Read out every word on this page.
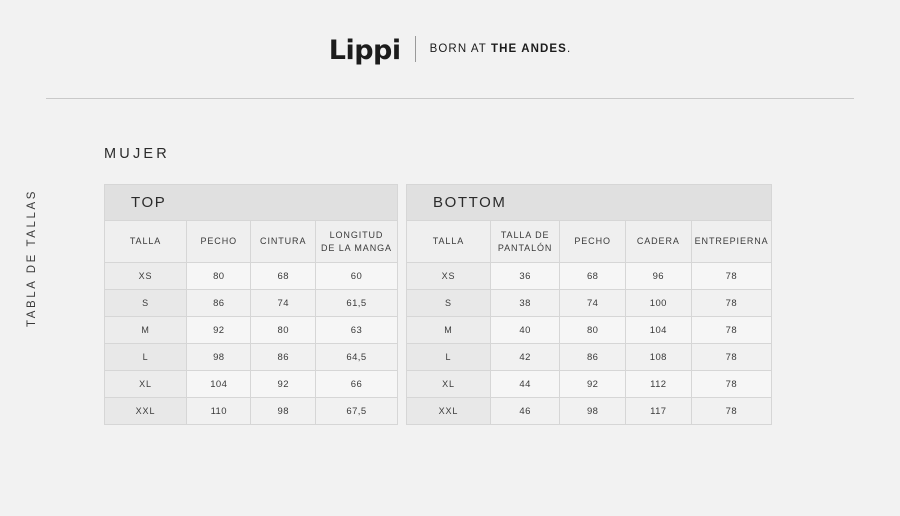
Lippi	BORN AT THE ANDES.
TABLA DE TALLAS
MUJER
TOP
TALLA	PECHO	CINTURA	LONGITUD
DE LA MANGA
XS	80	68	60
S	86	74	61,5
M	92	80	63
L	98	86	64,5
XL	104	92	66
XXL	110	98	67,5
BOTTOM
TALLA	TALLA DE
PANTALÓN	PECHO	CADERA	ENTREPIERNA
XS	36	68	96	78
S	38	74	100	78
M	40	80	104	78
L	42	86	108	78
XL	44	92	112	78
XXL	46	98	117	78
